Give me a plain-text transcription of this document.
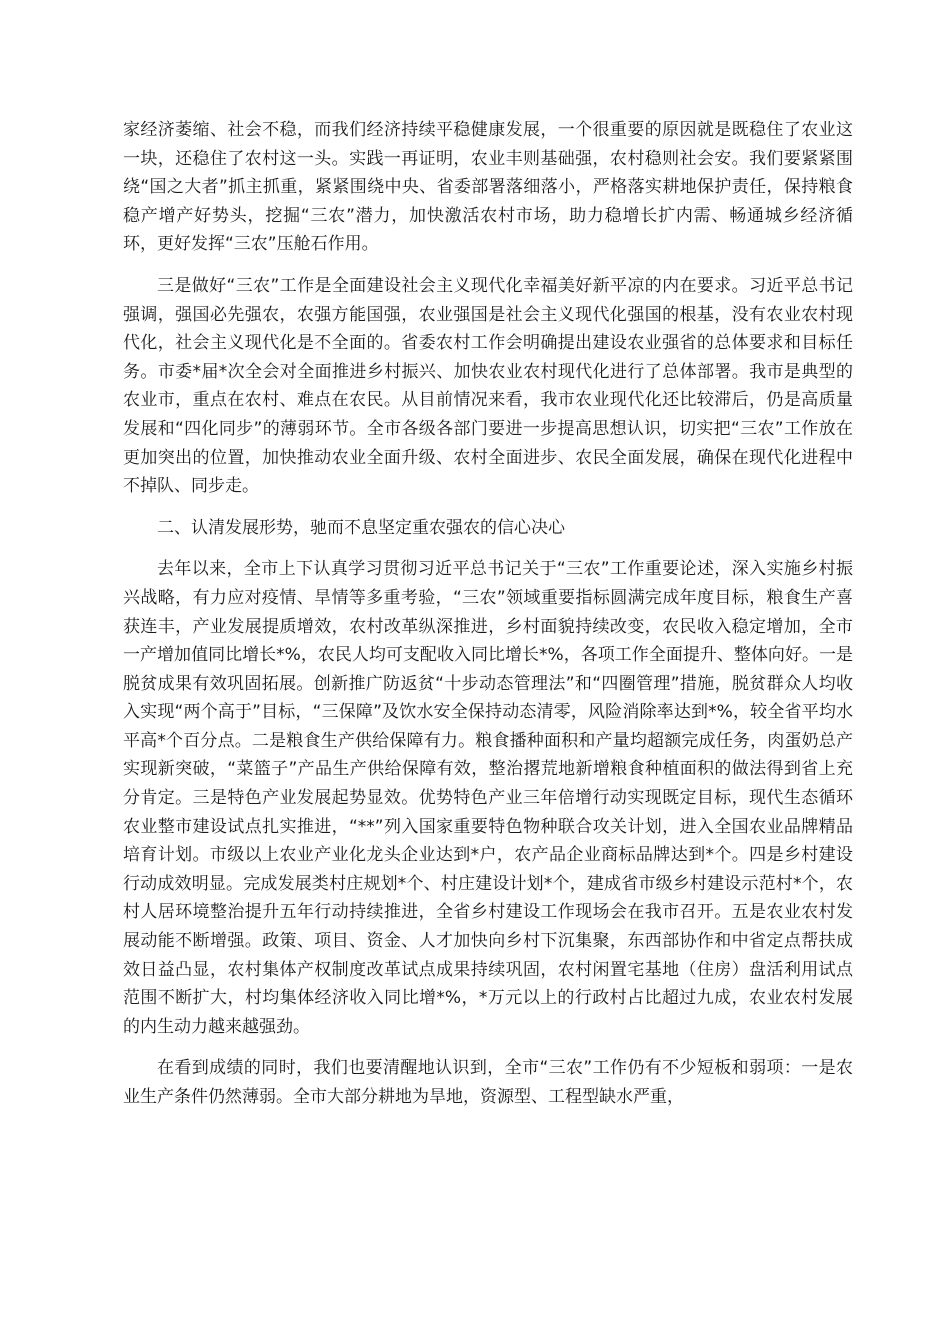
家经济萎缩、社会不稳，而我们经济持续平稳健康发展，一个很重要的原因就是既稳住了农业这一块，还稳住了农村这一头。实践一再证明，农业丰则基础强，农村稳则社会安。我们要紧紧围绕“国之大者”抓主抓重，紧紧围绕中央、省委部署落细落小，严格落实耕地保护责任，保持粮食稳产增产好势头，挖掘“三农”潜力，加快激活农村市场，助力稳增长扩内需、畅通城乡经济循环，更好发挥“三农”压舱石作用。

三是做好“三农”工作是全面建设社会主义现代化幸福美好新平凉的内在要求。习近平总书记强调，强国必先强农，农强方能国强，农业强国是社会主义现代化强国的根基，没有农业农村现代化，社会主义现代化是不全面的。省委农村工作会明确提出建设农业强省的总体要求和目标任务。市委*届*次全会对全面推进乡村振兴、加快农业农村现代化进行了总体部署。我市是典型的农业市，重点在农村、难点在农民。从目前情况来看，我市农业现代化还比较滞后，仍是高质量发展和“四化同步”的薄弱环节。全市各级各部门要进一步提高思想认识，切实把“三农”工作放在更加突出的位置，加快推动农业全面升级、农村全面进步、农民全面发展，确保在现代化进程中不掉队、同步走。

二、认清发展形势，驰而不息坚定重农强农的信心决心

去年以来，全市上下认真学习贯彻习近平总书记关于“三农”工作重要论述，深入实施乡村振兴战略，有力应对疫情、旱情等多重考验，“三农”领域重要指标圆满完成年度目标，粮食生产喜获连丰，产业发展提质增效，农村改革纵深推进，乡村面貌持续改变，农民收入稳定增加，全市一产增加值同比增长*%，农民人均可支配收入同比增长*%，各项工作全面提升、整体向好。一是脱贫成果有效巩固拓展。创新推广防返贫“十步动态管理法”和“四圈管理”措施，脱贫群众人均收入实现“两个高于”目标，“三保障”及饮水安全保持动态清零，风险消除率达到*%，较全省平均水平高*个百分点。二是粮食生产供给保障有力。粮食播种面积和产量均超额完成任务，肉蛋奶总产实现新突破，“菜篮子”产品生产供给保障有效，整治撂荒地新增粮食种植面积的做法得到省上充分肯定。三是特色产业发展起势显效。优势特色产业三年倍增行动实现既定目标，现代生态循环农业整市建设试点扎实推进，“**”列入国家重要特色物种联合攻关计划，进入全国农业品牌精品培育计划。市级以上农业产业化龙头企业达到*户，农产品企业商标品牌达到*个。四是乡村建设行动成效明显。完成发展类村庄规划*个、村庄建设计划*个，建成省市级乡村建设示范村*个，农村人居环境整治提升五年行动持续推进，全省乡村建设工作现场会在我市召开。五是农业农村发展动能不断增强。政策、项目、资金、人才加快向乡村下沉集聚，东西部协作和中省定点帮扶成效日益凸显，农村集体产权制度改革试点成果持续巩固，农村闲置宅基地（住房）盘活利用试点范围不断扩大，村均集体经济收入同比增*%，*万元以上的行政村占比超过九成，农业农村发展的内生动力越来越强劲。

在看到成绩的同时，我们也要清醒地认识到，全市“三农”工作仍有不少短板和弱项：一是农业生产条件仍然薄弱。全市大部分耕地为旱地，资源型、工程型缺水严重，
